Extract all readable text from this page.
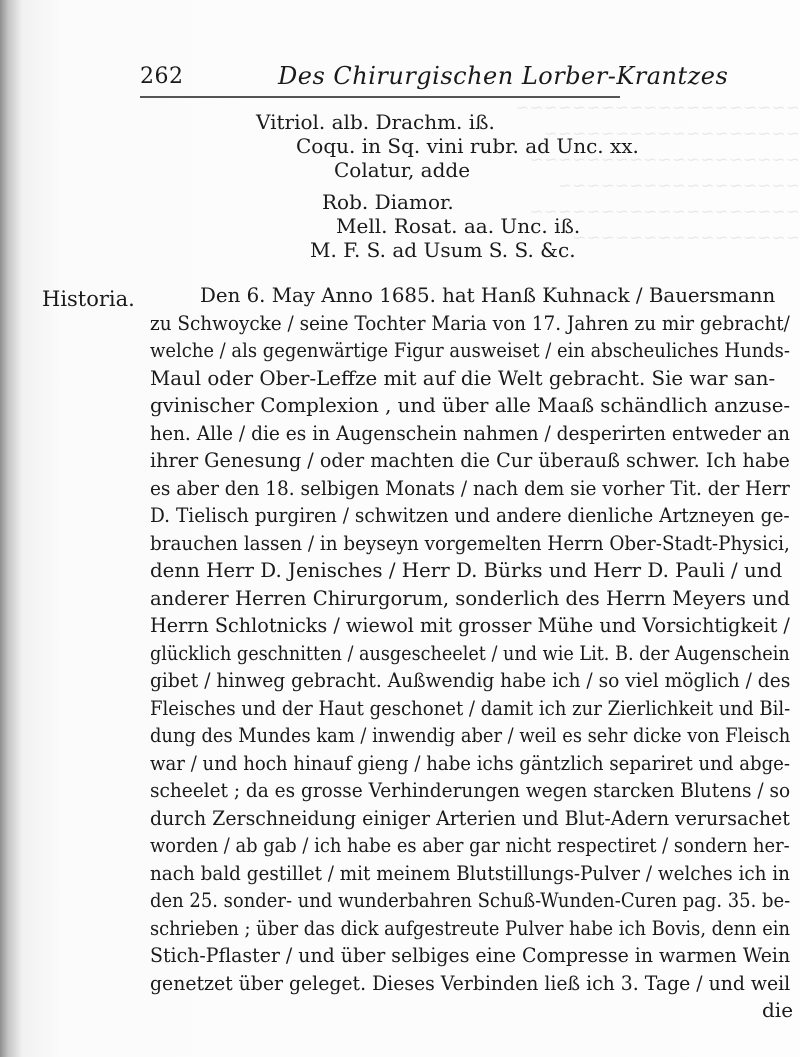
~~~~~~~~~~~~~~~~~~~~
~~~~~~~~~~~~~~~~~~
~~~~~~~~~~~~~~~~~~~
~~~~~~~~~~~~~~~~~
~~~~~~~~~~~~~~~~~~~
~~~~~~~~~~~~~~~~
262	Des Chirurgischen Lorber-Krantzes
Vitriol. alb. Drachm. iß.
Coqu. in Sq. vini rubr. ad Unc. xx.
Colatur, adde
Rob. Diamor.
Mell. Rosat. aa. Unc. iß.
M. F. S. ad Usum S. S. &c.
Historia.	Den 6. May Anno 1685. hat Hanß Kuhnack / Bauersmann
zu Schwoycke / seine Tochter Maria von 17. Jahren zu mir gebracht/
welche / als gegenwärtige Figur ausweiset / ein abscheuliches Hunds-
Maul oder Ober-Leffze mit auf die Welt gebracht. Sie war san-
gvinischer Complexion , und über alle Maaß schändlich anzuse-
hen. Alle / die es in Augenschein nahmen / desperirten entweder an
ihrer Genesung / oder machten die Cur überauß schwer. Ich habe
es aber den 18. selbigen Monats / nach dem sie vorher Tit. der Herr
D. Tielisch purgiren / schwitzen und andere dienliche Artzneyen ge-
brauchen lassen / in beyseyn vorgemelten Herrn Ober-Stadt-Physici,
denn Herr D. Jenisches / Herr D. Bürks und Herr D. Pauli / und
anderer Herren Chirurgorum, sonderlich des Herrn Meyers und
Herrn Schlotnicks / wiewol mit grosser Mühe und Vorsichtigkeit /
glücklich geschnitten / ausgescheelet / und wie Lit. B. der Augenschein
gibet / hinweg gebracht. Außwendig habe ich / so viel möglich / des
Fleisches und der Haut geschonet / damit ich zur Zierlichkeit und Bil-
dung des Mundes kam / inwendig aber / weil es sehr dicke von Fleisch
war / und hoch hinauf gieng / habe ichs gäntzlich separiret und abge-
scheelet ; da es grosse Verhinderungen wegen starcken Blutens / so
durch Zerschneidung einiger Arterien und Blut-Adern verursachet
worden / ab gab / ich habe es aber gar nicht respectiret / sondern her-
nach bald gestillet / mit meinem Blutstillungs-Pulver / welches ich in
den 25. sonder- und wunderbahren Schuß-Wunden-Curen pag. 35. be-
schrieben ; über das dick aufgestreute Pulver habe ich Bovis, denn ein
Stich-Pflaster / und über selbiges eine Compresse in warmen Wein
genetzet über geleget. Dieses Verbinden ließ ich 3. Tage / und weil
die
